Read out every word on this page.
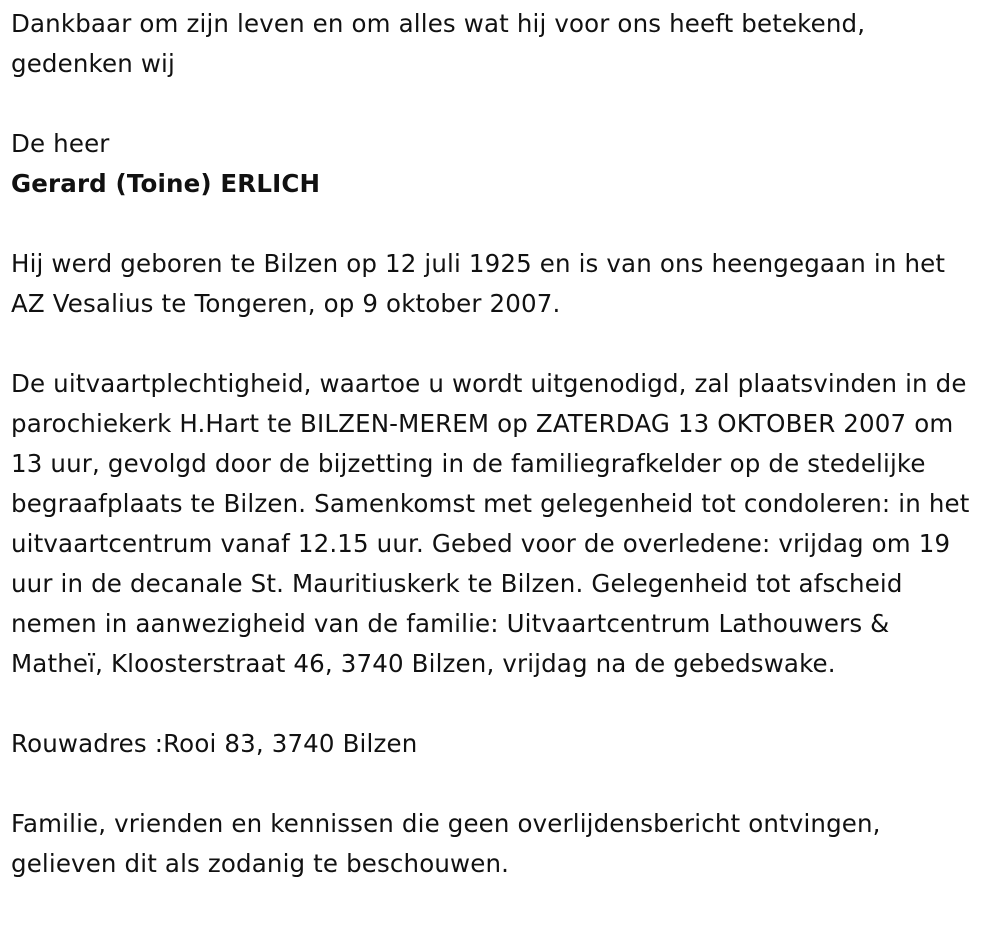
Dankbaar om zijn leven en om alles wat hij voor ons heeft betekend, gedenken wij

De heer

Gerard (Toine) ERLICH

Hij werd geboren te Bilzen op 12 juli 1925 en is van ons heengegaan in het AZ Vesalius te Tongeren, op 9 oktober 2007.

De uitvaartplechtigheid, waartoe u wordt uitgenodigd, zal plaatsvinden in de parochiekerk H.Hart te BILZEN-MEREM op ZATERDAG 13 OKTOBER 2007 om 13 uur, gevolgd door de bijzetting in de familiegrafkelder op de stedelijke begraafplaats te Bilzen. Samenkomst met gelegenheid tot condoleren: in het uitvaartcentrum vanaf 12.15 uur. Gebed voor de overledene: vrijdag om 19 uur in de decanale St. Mauritiuskerk te Bilzen. Gelegenheid tot afscheid nemen in aanwezigheid van de familie: Uitvaartcentrum Lathouwers & Matheï, Kloosterstraat 46, 3740 Bilzen, vrijdag na de gebedswake.

Rouwadres :Rooi 83, 3740 Bilzen

Familie, vrienden en kennissen die geen overlijdensbericht ontvingen, gelieven dit als zodanig te beschouwen.
